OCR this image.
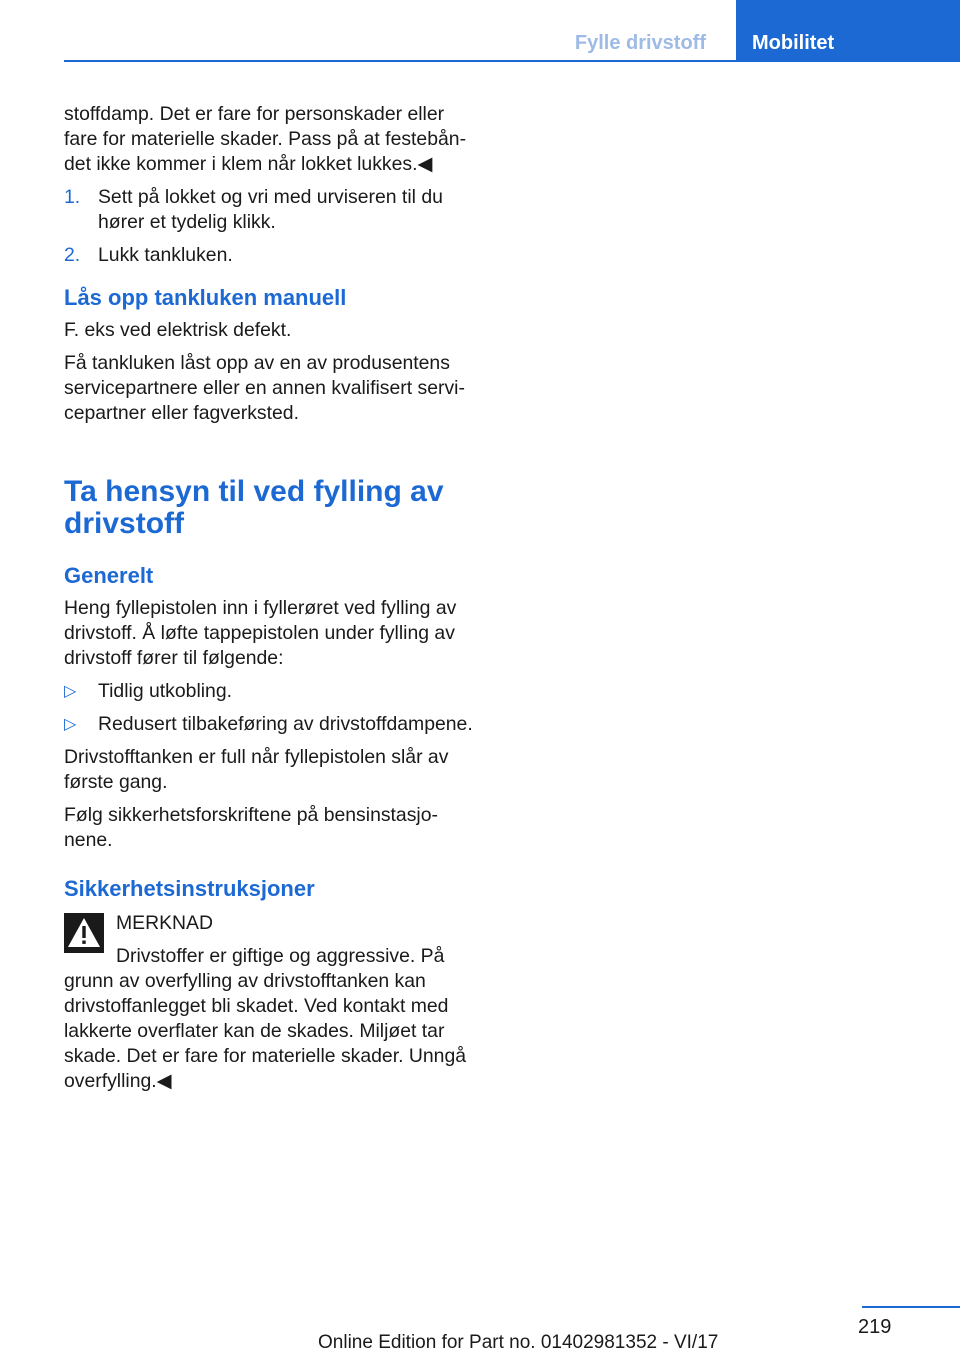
Fylle drivstoff	Mobilitet

stoffdamp. Det er fare for personskader eller fare for materielle skader. Pass på at festebåndet ikke kommer i klem når lokket lukkes.◀

1. Sett på lokket og vri med urviseren til du hører et tydelig klikk.
2. Lukk tankluken.
Lås opp tankluken manuell

F. eks ved elektrisk defekt.

Få tankluken låst opp av en av produsentens servicepartnere eller en annen kvalifisert servicepartner eller fagverksted.

Ta hensyn til ved fylling av drivstoff
Generelt

Heng fyllepistolen inn i fyllerøret ved fylling av drivstoff. Å løfte tappepistolen under fylling av drivstoff fører til følgende:

▷ Tidlig utkobling.
▷ Redusert tilbakeføring av drivstoffdampene.

Drivstofftanken er full når fyllepistolen slår av første gang.

Følg sikkerhetsforskriftene på bensinstasjonene.

Sikkerhetsinstruksjoner

MERKNAD

Drivstoffer er giftige og aggressive. På

grunn av overfylling av drivstofftanken kan drivstoffanlegget bli skadet. Ved kontakt med lakkerte overflater kan de skades. Miljøet tar skade. Det er fare for materielle skader. Unngå overfylling.◀

219
Online Edition for Part no. 01402981352 - VI/17
